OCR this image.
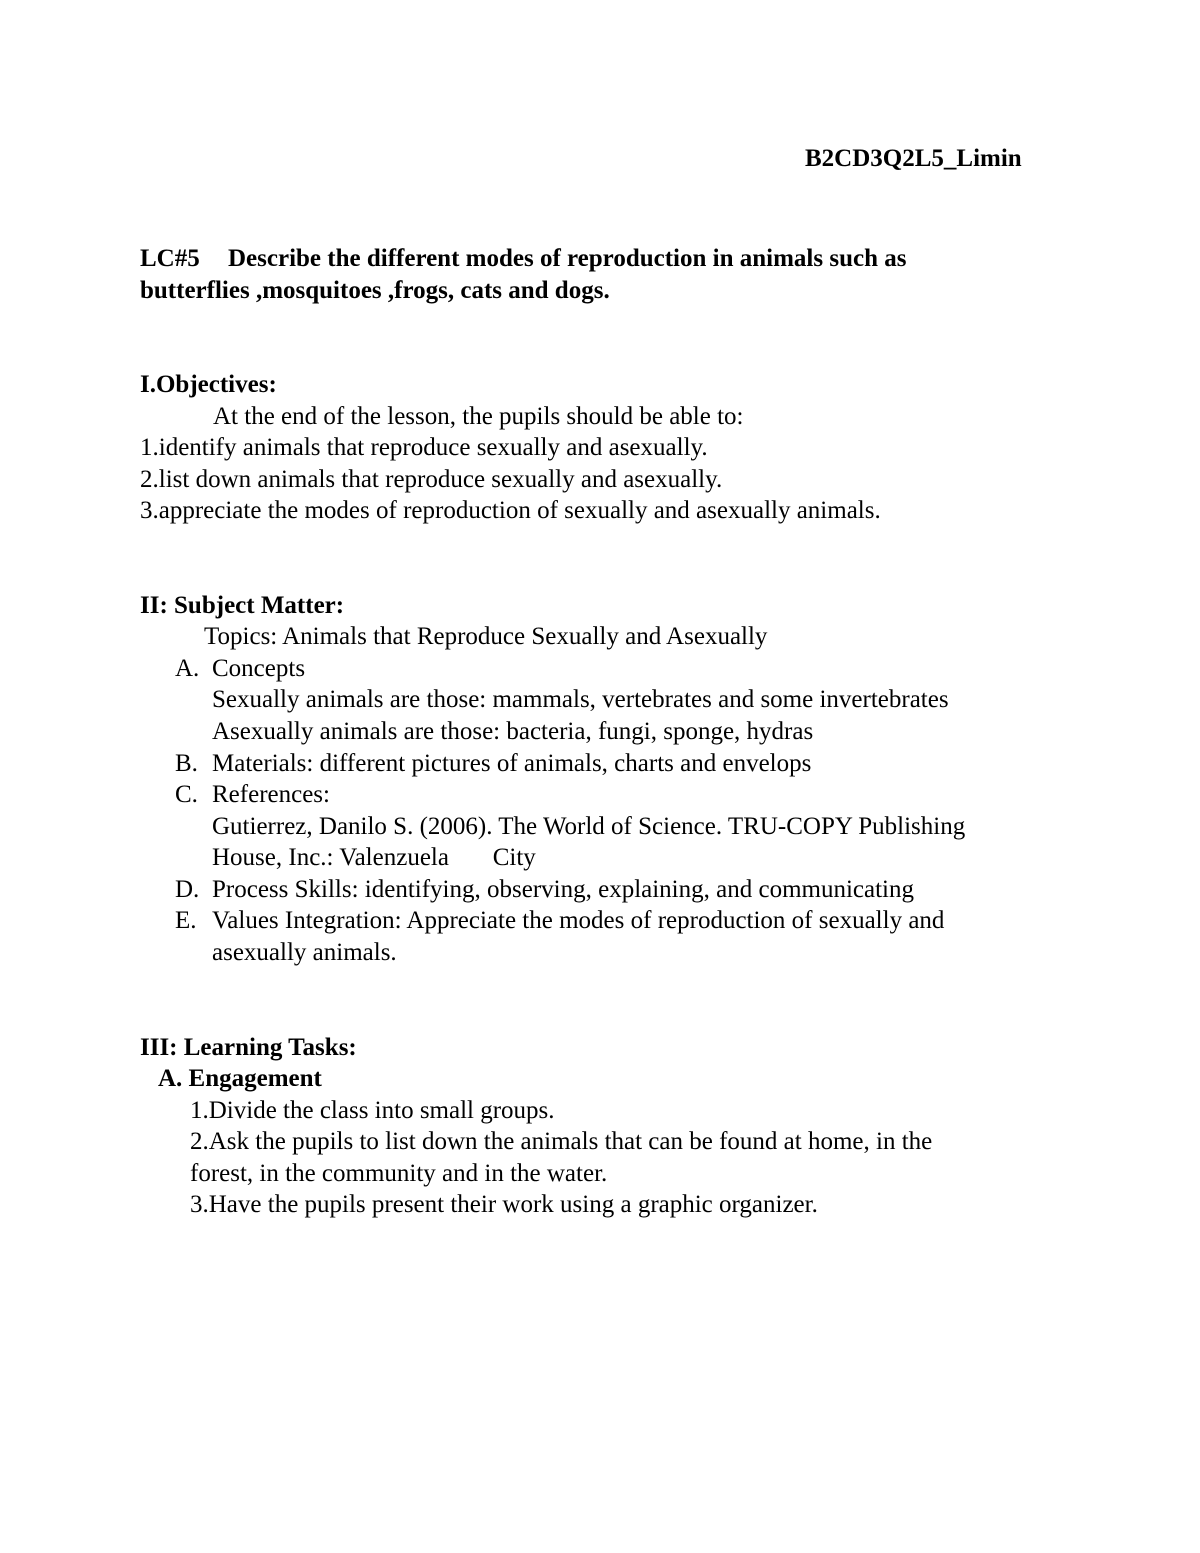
B2CD3Q2L5_Limin
LC#5 Describe the different modes of reproduction in animals such as
butterflies ,mosquitoes ,frogs, cats and dogs.
I.Objectives:
At the end of the lesson, the pupils should be able to:
1.identify animals that reproduce sexually and asexually.
2.list down animals that reproduce sexually and asexually.
3.appreciate the modes of reproduction of sexually and asexually animals.
II: Subject Matter:
Topics: Animals that Reproduce Sexually and Asexually
A. Concepts
Sexually animals are those: mammals, vertebrates and some invertebrates
Asexually animals are those: bacteria, fungi, sponge, hydras
B. Materials: different pictures of animals, charts and envelops
C. References:
Gutierrez, Danilo S. (2006). The World of Science. TRU-COPY Publishing
House, Inc.: Valenzuela       City
D. Process Skills: identifying, observing, explaining, and communicating
E. Values Integration: Appreciate the modes of reproduction of sexually and
asexually animals.
III: Learning Tasks:
A. Engagement
1.Divide the class into small groups.
2.Ask the pupils to list down the animals that can be found at home, in the
forest, in the community and in the water.
3.Have the pupils present their work using a graphic organizer.
